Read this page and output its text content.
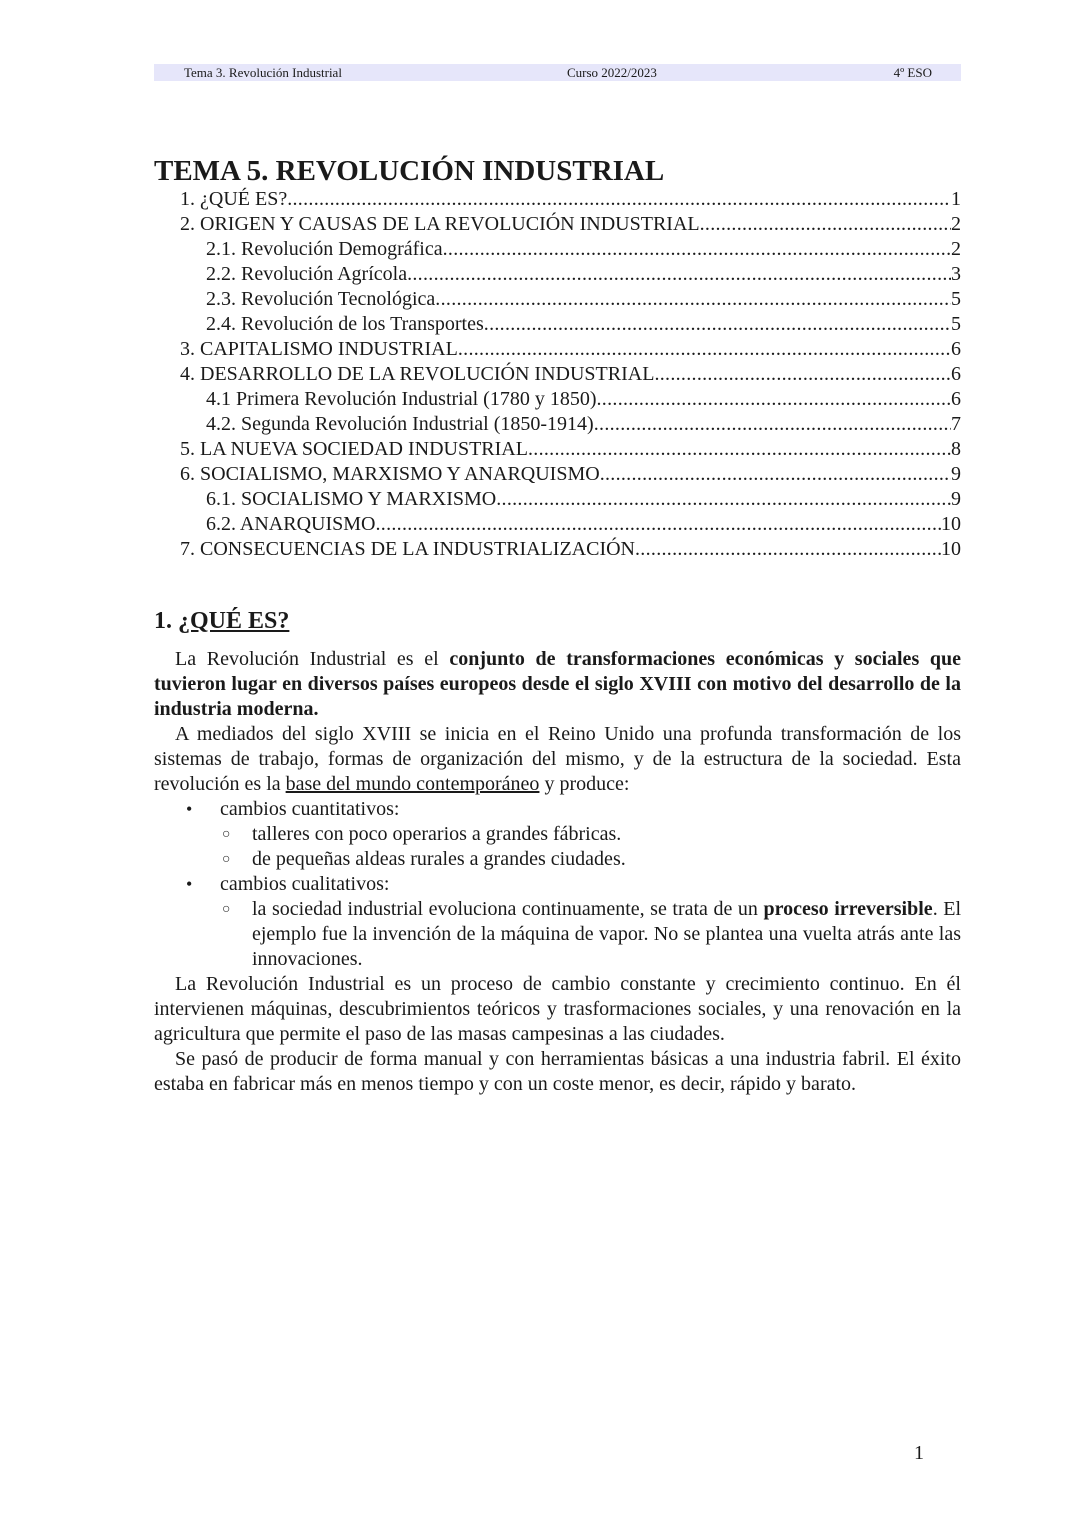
Tema 3. Revolución Industrial	Curso 2022/2023	4º ESO
TEMA 5. REVOLUCIÓN INDUSTRIAL
1. ¿QUÉ ES? .....	1
2. ORIGEN Y CAUSAS DE LA REVOLUCIÓN INDUSTRIAL .....	2
2.1. Revolución Demográfica .....	2
2.2. Revolución Agrícola .....	3
2.3. Revolución Tecnológica .....	5
2.4. Revolución de los Transportes .....	5
3. CAPITALISMO INDUSTRIAL .....	6
4. DESARROLLO DE LA REVOLUCIÓN INDUSTRIAL .....	6
4.1 Primera Revolución Industrial (1780 y 1850) .....	6
4.2. Segunda Revolución Industrial (1850-1914) .....	7
5. LA NUEVA SOCIEDAD INDUSTRIAL .....	8
6. SOCIALISMO, MARXISMO Y ANARQUISMO .....	9
6.1. SOCIALISMO Y MARXISMO .....	9
6.2. ANARQUISMO .....	10
7. CONSECUENCIAS DE LA INDUSTRIALIZACIÓN .....	10
1. ¿QUÉ ES?

La Revolución Industrial es el conjunto de transformaciones económicas y sociales que tuvieron lugar en diversos países europeos desde el siglo XVIII con motivo del desarrollo de la industria moderna.

A mediados del siglo XVIII se inicia en el Reino Unido una profunda transformación de los sistemas de trabajo, formas de organización del mismo, y de la estructura de la sociedad. Esta revolución es la base del mundo contemporáneo y produce:

• cambios cuantitativos:
○ talleres con poco operarios a grandes fábricas.
○ de pequeñas aldeas rurales a grandes ciudades.
• cambios cualitativos:
○ la sociedad industrial evoluciona continuamente, se trata de un proceso irreversible. El ejemplo fue la invención de la máquina de vapor. No se plantea una vuelta atrás ante las innovaciones.

La Revolución Industrial es un proceso de cambio constante y crecimiento continuo. En él intervienen máquinas, descubrimientos teóricos y trasformaciones sociales, y una renovación en la agricultura que permite el paso de las masas campesinas a las ciudades.

Se pasó de producir de forma manual y con herramientas básicas a una industria fabril. El éxito estaba en fabricar más en menos tiempo y con un coste menor, es decir, rápido y barato.

1
